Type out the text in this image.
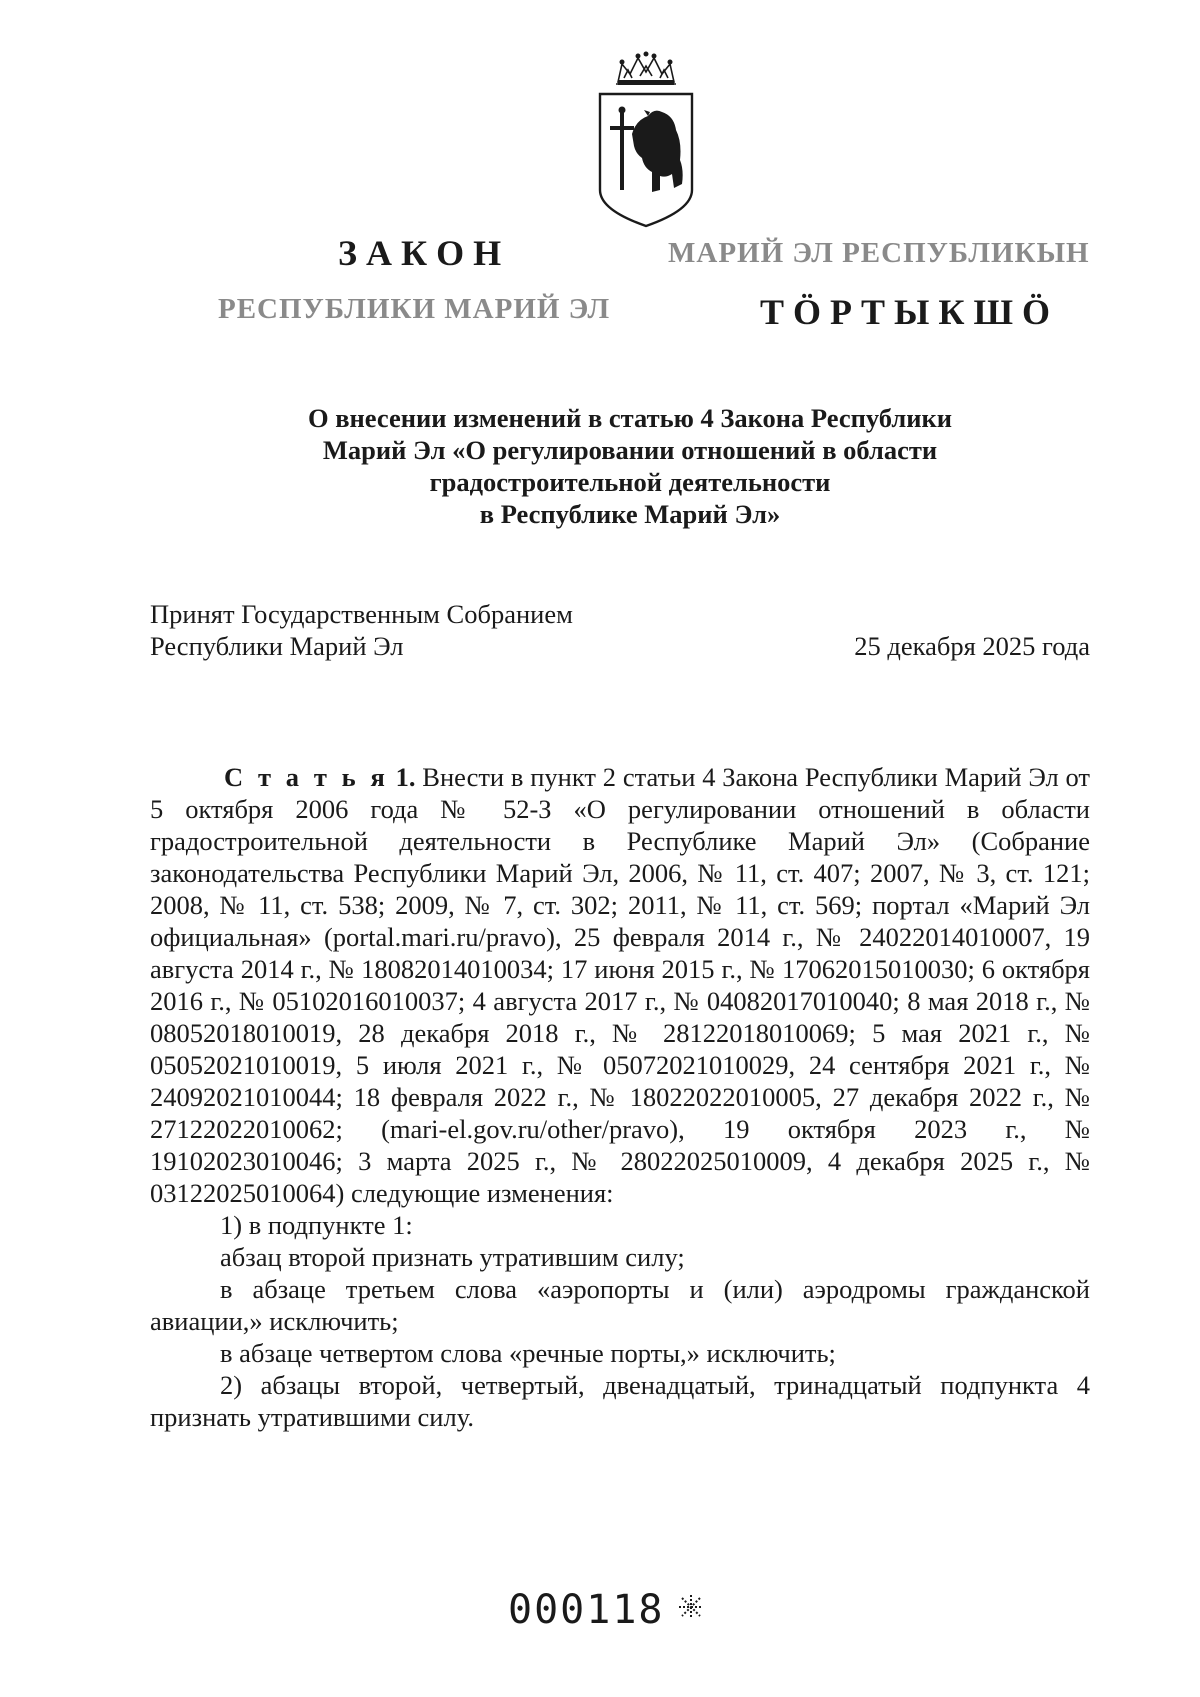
З А К О Н	МАРИЙ ЭЛ РЕСПУБЛИКЫН
РЕСПУБЛИКИ МАРИЙ ЭЛ	Т Ö Р Т Ы К Ш Ö
О внесении изменений в статью 4 Закона Республики
Марий Эл «О регулировании отношений в области
градостроительной деятельности
в Республике Марий Эл»
Принят Государственным Собранием
Республики Марий Эл	25 декабря 2025 года

С т а т ь я 1. Внести в пункт 2 статьи 4 Закона Республики Марий Эл от 5 октября 2006 года № 52-З «О регулировании отношений в области градостроительной деятельности в Республике Марий Эл» (Собрание законодательства Республики Марий Эл, 2006, № 11, ст. 407; 2007, № 3, ст. 121; 2008, № 11, ст. 538; 2009, № 7, ст. 302; 2011, № 11, ст. 569; портал «Марий Эл официальная» (portal.mari.ru/pravo), 25 февраля 2014 г., № 24022014010007, 19 августа 2014 г., № 18082014010034; 17 июня 2015 г., № 17062015010030; 6 октября 2016 г., № 05102016010037; 4 августа 2017 г., № 04082017010040; 8 мая 2018 г., № 08052018010019, 28 декабря 2018 г., № 28122018010069; 5 мая 2021 г., № 05052021010019, 5 июля 2021 г., № 05072021010029, 24 сентября 2021 г., № 24092021010044; 18 февраля 2022 г., № 18022022010005, 27 декабря 2022 г., № 27122022010062; (mari-el.gov.ru/other/pravo), 19 октября 2023 г., № 19102023010046; 3 марта 2025 г., № 28022025010009, 4 декабря 2025 г., № 03122025010064) следующие изменения:

1) в подпункте 1:

абзац второй признать утратившим силу;

в абзаце третьем слова «аэропорты и (или) аэродромы гражданской авиации,» исключить;

в абзаце четвертом слова «речные порты,» исключить;

2) абзацы второй, четвертый, двенадцатый, тринадцатый подпункта 4 признать утратившими силу.

000118
